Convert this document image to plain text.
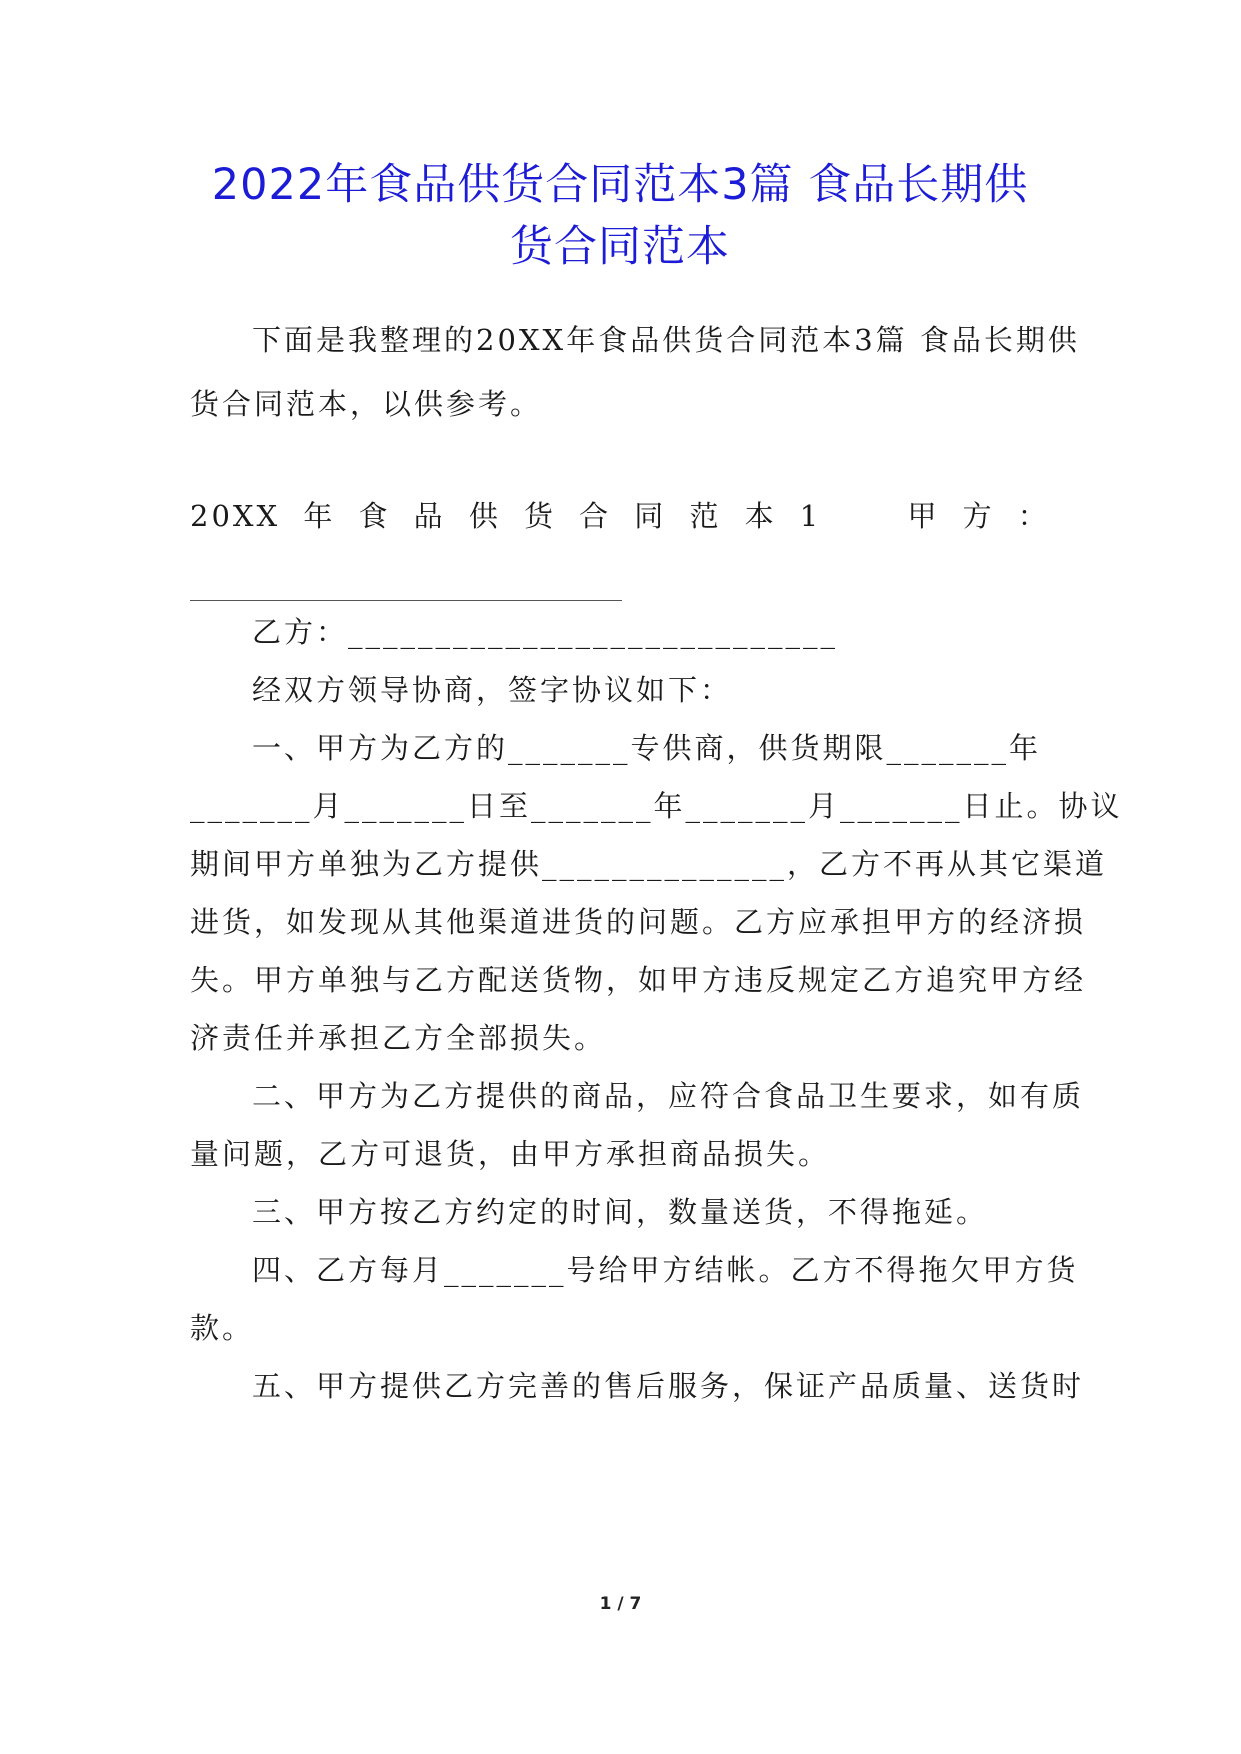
2022年食品供货合同范本3篇 食品长期供
货合同范本
下面是我整理的20XX年食品供货合同范本3篇 食品长期供
货合同范本，以供参考。
20XX 年 食 品 供 货 合 同 范 本 1	甲 方 ：
乙方：____________________________
经双方领导协商，签字协议如下：
一、甲方为乙方的_______专供商，供货期限_______年
_______月_______日至_______年_______月_______日止。协议
期间甲方单独为乙方提供______________，乙方不再从其它渠道
进货，如发现从其他渠道进货的问题。乙方应承担甲方的经济损
失。甲方单独与乙方配送货物，如甲方违反规定乙方追究甲方经
济责任并承担乙方全部损失。
二、甲方为乙方提供的商品，应符合食品卫生要求，如有质
量问题，乙方可退货，由甲方承担商品损失。
三、甲方按乙方约定的时间，数量送货，不得拖延。
四、乙方每月_______号给甲方结帐。乙方不得拖欠甲方货
款。
五、甲方提供乙方完善的售后服务，保证产品质量、送货时
1 / 7
